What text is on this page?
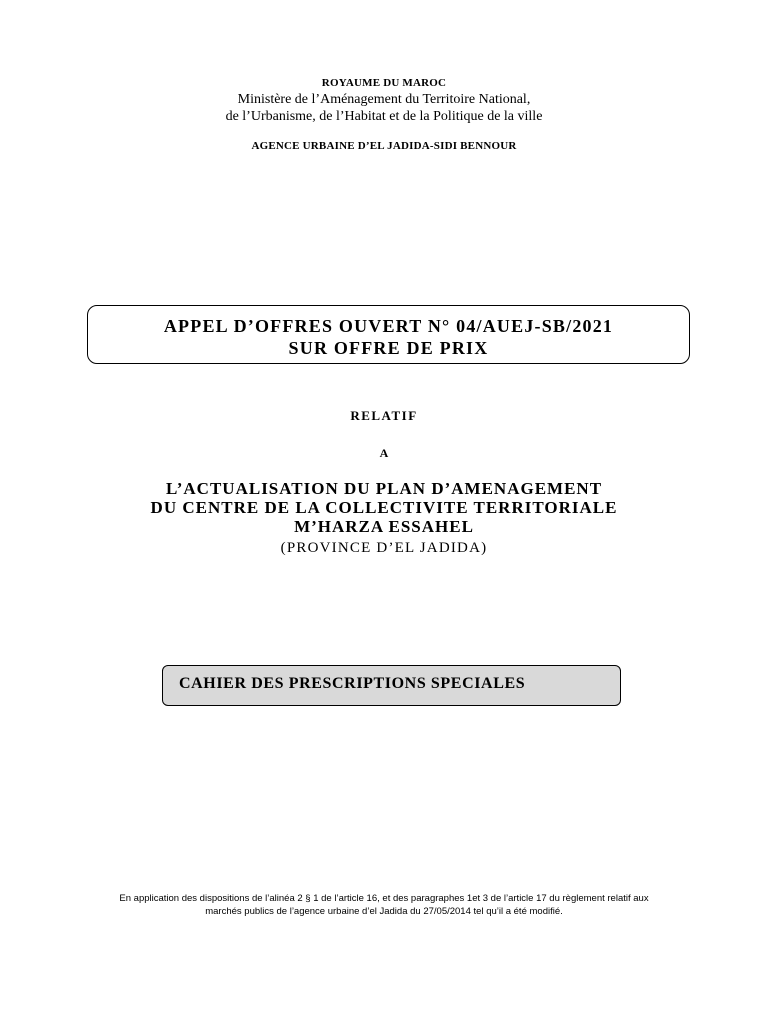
ROYAUME DU MAROC
Ministère de l’Aménagement du Territoire National,
de l’Urbanisme, de l’Habitat et de la Politique de la ville
AGENCE URBAINE D’EL JADIDA-SIDI BENNOUR
APPEL D’OFFRES OUVERT N° 04/AUEJ-SB/2021
SUR OFFRE DE PRIX
RELATIF
A
L’ACTUALISATION DU PLAN D’AMENAGEMENT
DU CENTRE DE LA COLLECTIVITE TERRITORIALE
M’HARZA ESSAHEL
(PROVINCE D’EL JADIDA)
CAHIER DES PRESCRIPTIONS SPECIALES
En application des dispositions de l’alinéa 2 § 1 de l’article 16, et des paragraphes 1et 3 de l’article 17 du règlement relatif aux
marchés publics de l’agence urbaine d’el Jadida du 27/05/2014 tel qu’il a été modifié.
